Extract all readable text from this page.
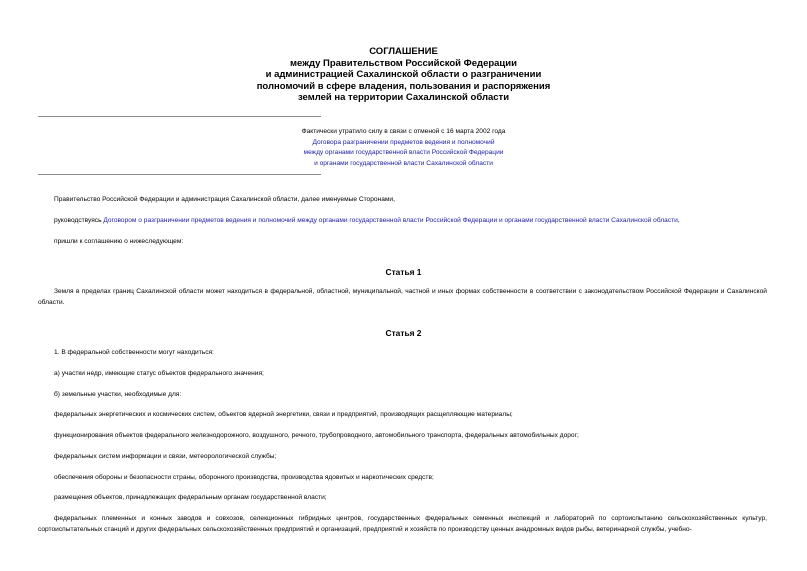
СОГЛАШЕНИЕ
между Правительством Российской Федерации
и администрацией Сахалинской области о разграничении
полномочий в сфере владения, пользования и распоряжения
землей на территории Сахалинской области
Фактически утратило силу в связи с отменой с 16 марта 2002 года
Договора разграничении предметов ведения и полномочий
между органами государственной власти Российской Федерации
и органами государственной власти Сахалинской области
Правительство Российской Федерации и администрация Сахалинской области, далее именуемые Сторонами,
руководствуясь Договором о разграничении предметов ведения и полномочий между органами государственной власти Российской Федерации и органами государственной власти Сахалинской области,
пришли к соглашению о нижеследующем:
Статья 1
Земля в пределах границ Сахалинской области может находиться в федеральной, областной, муниципальной, частной и иных формах собственности в соответствии с законодательством Российской Федерации и Сахалинской области.
Статья 2
1. В федеральной собственности могут находиться:
а) участки недр, имеющие статус объектов федерального значения;
б) земельные участки, необходимые для:
федеральных энергетических и космических систем, объектов ядерной энергетики, связи и предприятий, производящих расщепляющие материалы;
функционирования объектов федерального железнодорожного, воздушного, речного, трубопроводного, автомобильного транспорта, федеральных автомобильных дорог;
федеральных систем информации и связи, метеорологической службы;
обеспечения обороны и безопасности страны, оборонного производства, производства ядовитых и наркотических средств;
размещения объектов, принадлежащих федеральным органам государственной власти;
федеральных племенных и конных заводов и совхозов, селекционных гибридных центров, государственных федеральных семенных инспекций и лабораторий по сортоиспытанию сельскохозяйственных культур, сортоиспытательных станций и других федеральных сельскохозяйственных предприятий и организаций, предприятий и хозяйств по производству ценных анадромных видов рыбы, ветеринарной службы, учебно-
